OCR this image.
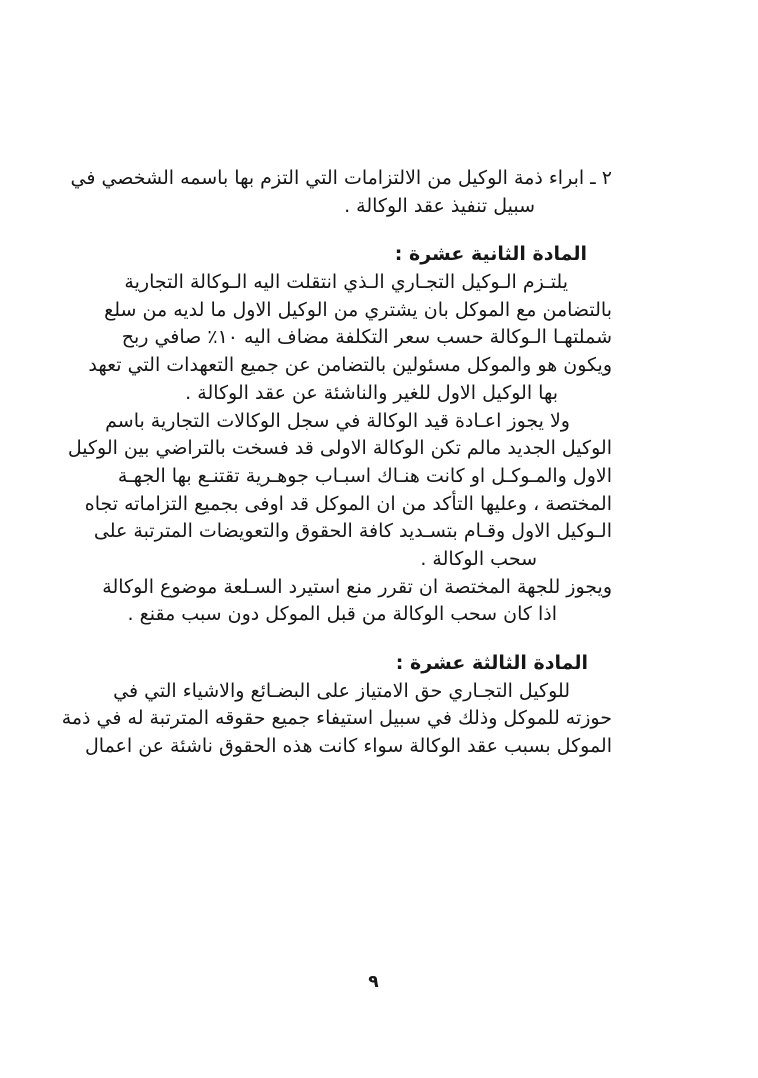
٢ ـ ابراء ذمة الوكيل من الالتزامات التي التزم بها باسمه الشخصي في
سبيل تنفيذ عقد الوكالة .
المادة الثانية عشرة :
يلتـزم الـوكيل التجـاري الـذي انتقلت اليه الـوكالة التجارية
بالتضامن مع الموكل بان يشتري من الوكيل الاول ما لديه من سلع
شملتهـا الـوكالة حسب سعر التكلفة مضاف اليه ١٠٪ صافي ربح
ويكون هو والموكل مسئولين بالتضامن عن جميع التعهدات التي تعهد
بها الوكيل الاول للغير والناشئة عن عقد الوكالة .
ولا يجوز اعـادة قيد الوكالة في سجل الوكالات التجارية باسم
الوكيل الجديد مالم تكن الوكالة الاولى قد فسخت بالتراضي بين الوكيل
الاول والمـوكـل او كانت هنـاك اسبـاب جوهـرية تقتنـع بها الجهـة
المختصة ، وعليها التأكد من ان الموكل قد اوفى بجميع التزاماته تجاه
الـوكيل الاول وقـام بتسـديد كافة الحقوق والتعويضات المترتبة على
سحب الوكالة .
ويجوز للجهة المختصة ان تقرر منع استيرد السـلعة موضوع الوكالة
اذا كان سحب الوكالة من قبل الموكل دون سبب مقنع .
المادة الثالثة عشرة :
للوكيل التجـاري حق الامتياز على البضـائع والاشياء التي في
حوزته للموكل وذلك في سبيل استيفاء جميع حقوقه المترتبة له في ذمة
الموكل بسبب عقد الوكالة سواء كانت هذه الحقوق ناشئة عن اعمال
٩
